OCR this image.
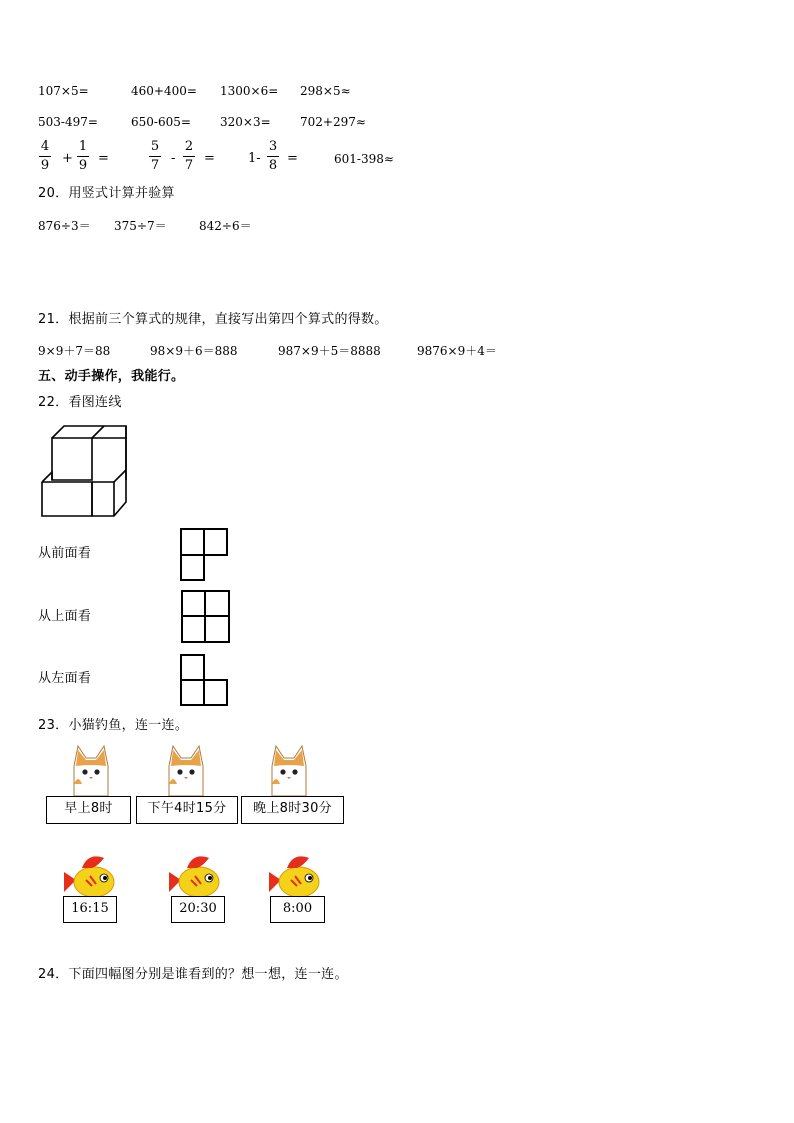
107×5=	460+400= 1300×6= 298×5≈
503-497=	650-605= 320×3= 702+297≈
4
9 +
1
9 =
5
7 -
2
7 =	1-
3
8 =	601-398≈
20．用竖式计算并验算
876÷3＝ 375÷7＝	842÷6＝
21．根据前三个算式的规律，直接写出第四个算式的得数。
9×9＋7＝88	98×9＋6＝888	987×9＋5＝8888	9876×9＋4＝
五、动手操作，我能行。
22．看图连线
从前面看
从上面看
从左面看
23．小猫钓鱼，连一连。
早上8时	下午4时15分	晚上8时30分
16:15	20:30	8:00
24．下面四幅图分别是谁看到的？想一想，连一连。
